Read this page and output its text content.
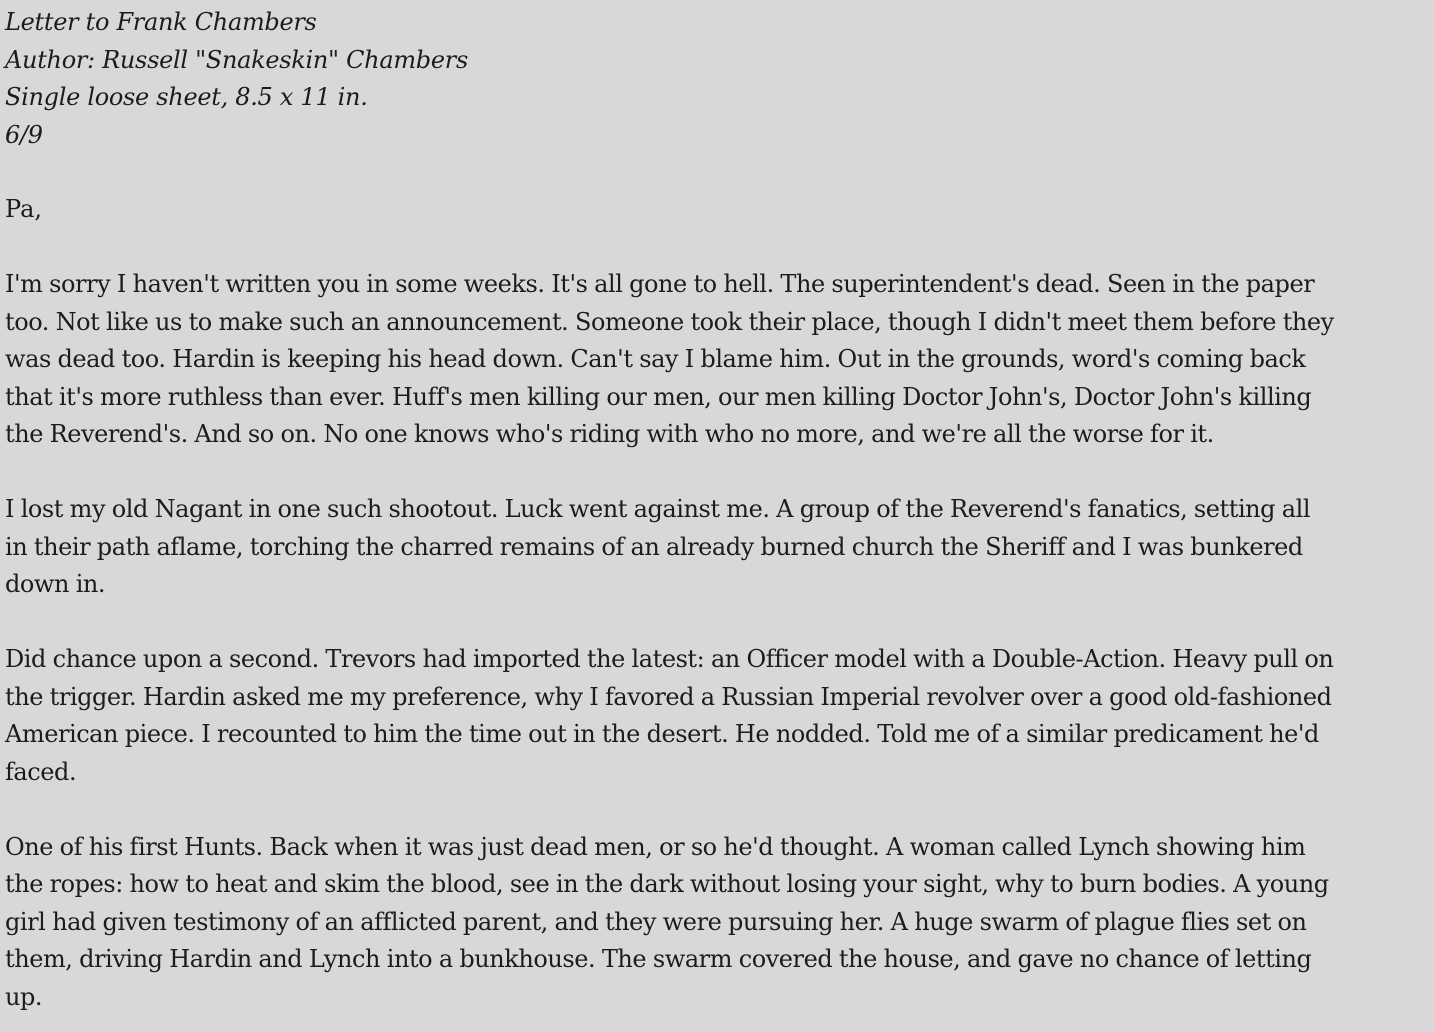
Letter to Frank Chambers
Author: Russell "Snakeskin" Chambers
Single loose sheet, 8.5 x 11 in.
6/9
Pa,
I'm sorry I haven't written you in some weeks. It's all gone to hell. The superintendent's dead. Seen in the paper
too. Not like us to make such an announcement. Someone took their place, though I didn't meet them before they
was dead too. Hardin is keeping his head down. Can't say I blame him. Out in the grounds, word's coming back
that it's more ruthless than ever. Huff's men killing our men, our men killing Doctor John's, Doctor John's killing
the Reverend's. And so on. No one knows who's riding with who no more, and we're all the worse for it.
I lost my old Nagant in one such shootout. Luck went against me. A group of the Reverend's fanatics, setting all
in their path aflame, torching the charred remains of an already burned church the Sheriff and I was bunkered
down in.
Did chance upon a second. Trevors had imported the latest: an Officer model with a Double-Action. Heavy pull on
the trigger. Hardin asked me my preference, why I favored a Russian Imperial revolver over a good old-fashioned
American piece. I recounted to him the time out in the desert. He nodded. Told me of a similar predicament he'd
faced.
One of his first Hunts. Back when it was just dead men, or so he'd thought. A woman called Lynch showing him
the ropes: how to heat and skim the blood, see in the dark without losing your sight, why to burn bodies. A young
girl had given testimony of an afflicted parent, and they were pursuing her. A huge swarm of plague flies set on
them, driving Hardin and Lynch into a bunkhouse. The swarm covered the house, and gave no chance of letting
up.
